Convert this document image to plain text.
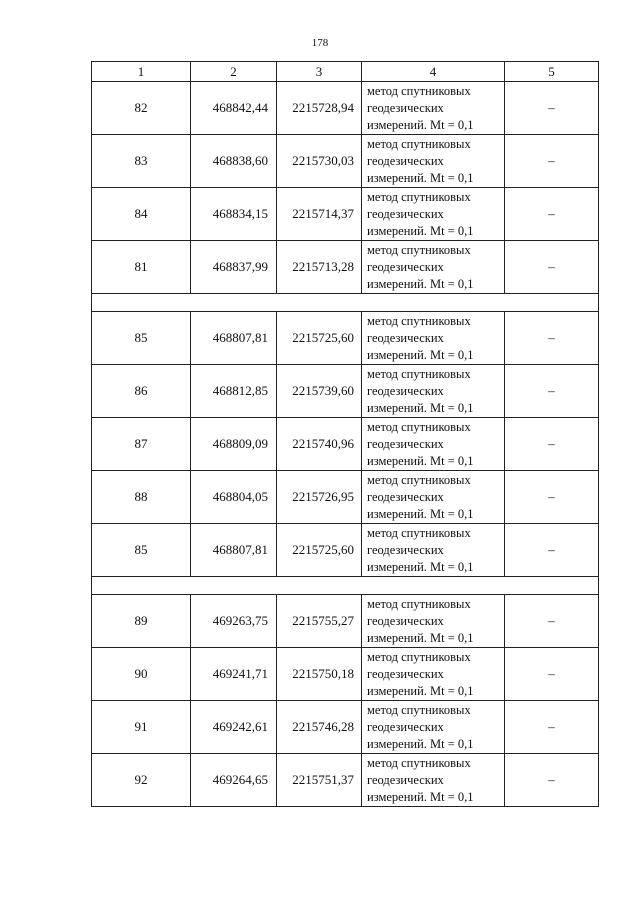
178
1	2	3	4	5
82	468842,44	2215728,94	метод спутниковых
геодезических
измерений. Mt = 0,1	–
83	468838,60	2215730,03	метод спутниковых
геодезических
измерений. Mt = 0,1	–
84	468834,15	2215714,37	метод спутниковых
геодезических
измерений. Mt = 0,1	–
81	468837,99	2215713,28	метод спутниковых
геодезических
измерений. Mt = 0,1	–

85	468807,81	2215725,60	метод спутниковых
геодезических
измерений. Mt = 0,1	–
86	468812,85	2215739,60	метод спутниковых
геодезических
измерений. Mt = 0,1	–
87	468809,09	2215740,96	метод спутниковых
геодезических
измерений. Mt = 0,1	–
88	468804,05	2215726,95	метод спутниковых
геодезических
измерений. Mt = 0,1	–
85	468807,81	2215725,60	метод спутниковых
геодезических
измерений. Mt = 0,1	–

89	469263,75	2215755,27	метод спутниковых
геодезических
измерений. Mt = 0,1	–
90	469241,71	2215750,18	метод спутниковых
геодезических
измерений. Mt = 0,1	–
91	469242,61	2215746,28	метод спутниковых
геодезических
измерений. Mt = 0,1	–
92	469264,65	2215751,37	метод спутниковых
геодезических
измерений. Mt = 0,1	–
